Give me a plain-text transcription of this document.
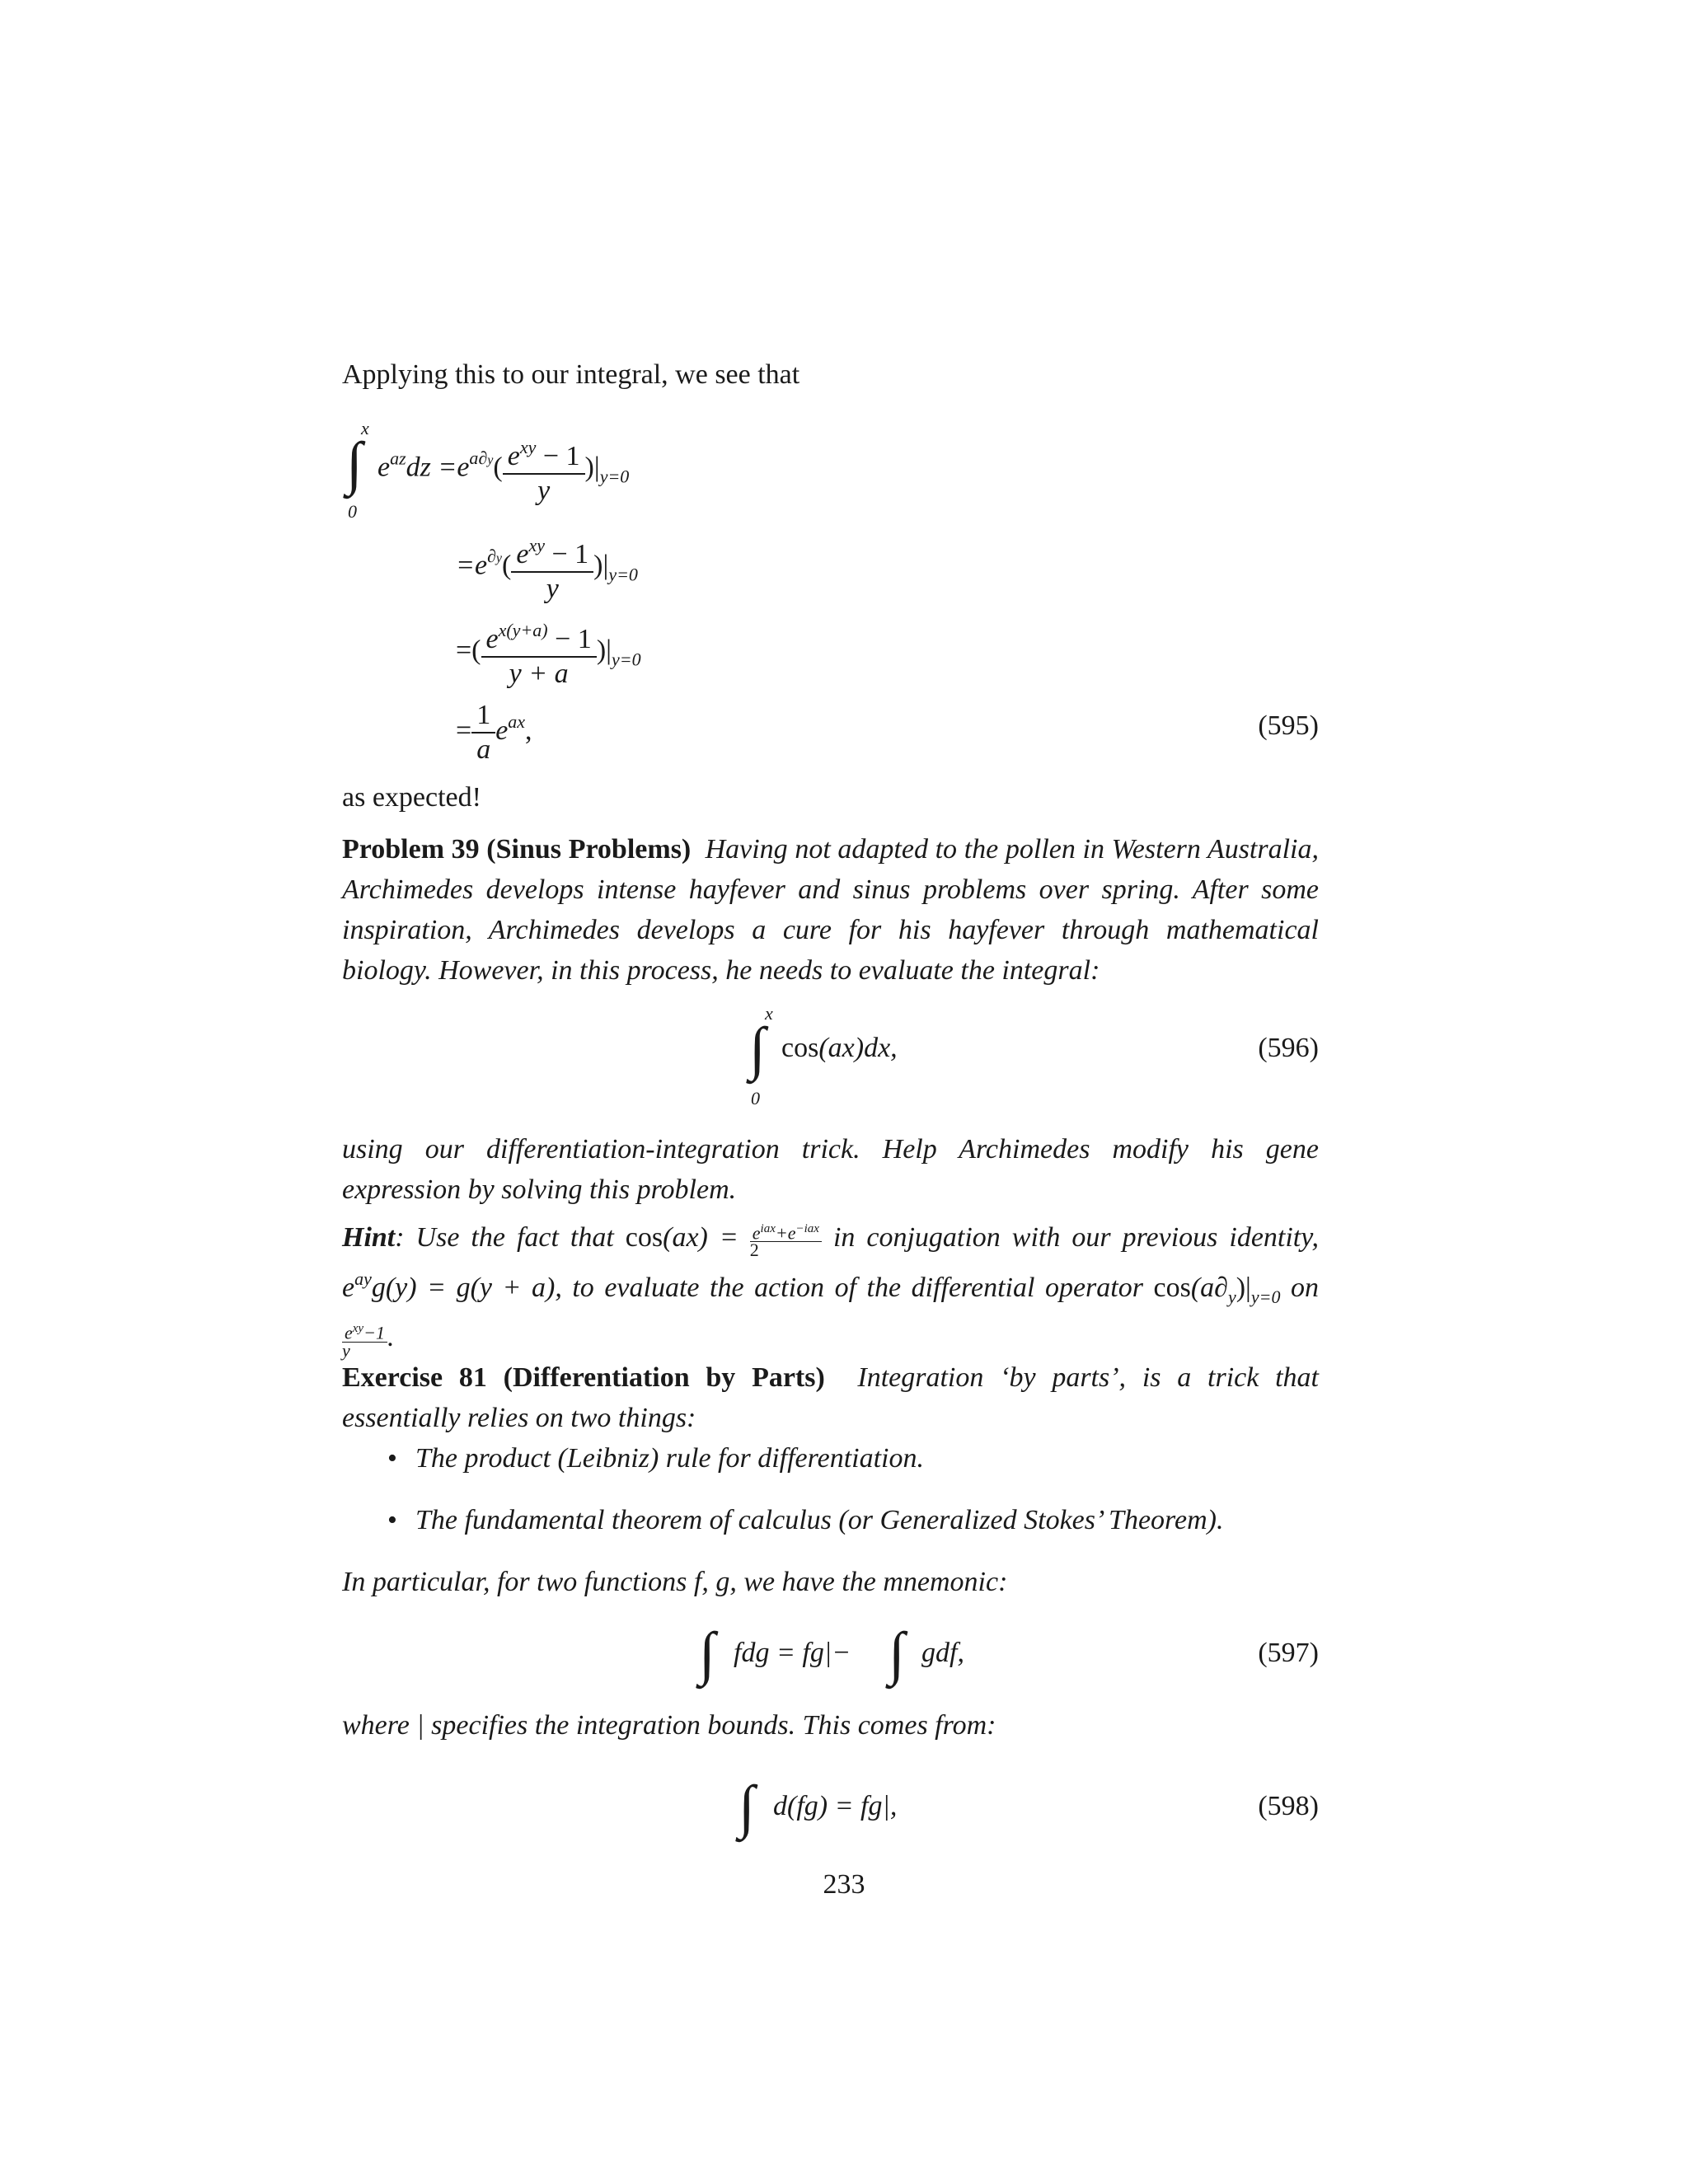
Applying this to our integral, we see that
x
∫
0
$e^{az}dz =e^{a\partial y}( \frac{e^{xy} - 1}{y} )|_{y=0}$
$=e^{\partial y}( \frac{e^{xy} - 1}{y} )|_{y=0}$
=( $\frac{e^{x(y+a)} - 1}{y + a} )|_{y=0}$
= $\frac{1}{a} e^{ax}$,	(595)
as expected!
Problem 39 (Sinus Problems) Having not adapted to the pollen in Western Australia, Archimedes develops intense hayfever and sinus problems over spring. After some inspiration, Archimedes develops a cure for his hayfever through mathematical biology. However, in this process, he needs to evaluate the integral:
x
∫
0
cos(ax)dx,	(596)
using our differentiation-integration trick. Help Archimedes modify his gene expression by solving this problem.
Hint: Use the fact that $\cos(ax) = e^{iax}+e^{-iax}$
2	in conjugation with our previous identity, $e^{ay}g(y) = g(y + a)$, to evaluate the action of the differential operator $\cos(a\partial_y)|_{y=0}$ on
$e^{xy}-1$
y	.
Exercise 81 (Differentiation by Parts) Integration ‘by parts’, is a trick that essentially relies on two things:
• The product (Leibniz) rule for differentiation.
• The fundamental theorem of calculus (or Generalized Stokes’ Theorem).
In particular, for two functions f, g, we have the mnemonic:
∫ fdg = fg|− ∫ gdf,	(597)
where | specifies the integration bounds. This comes from:
∫ d(fg) = fg|,	(598)
233
